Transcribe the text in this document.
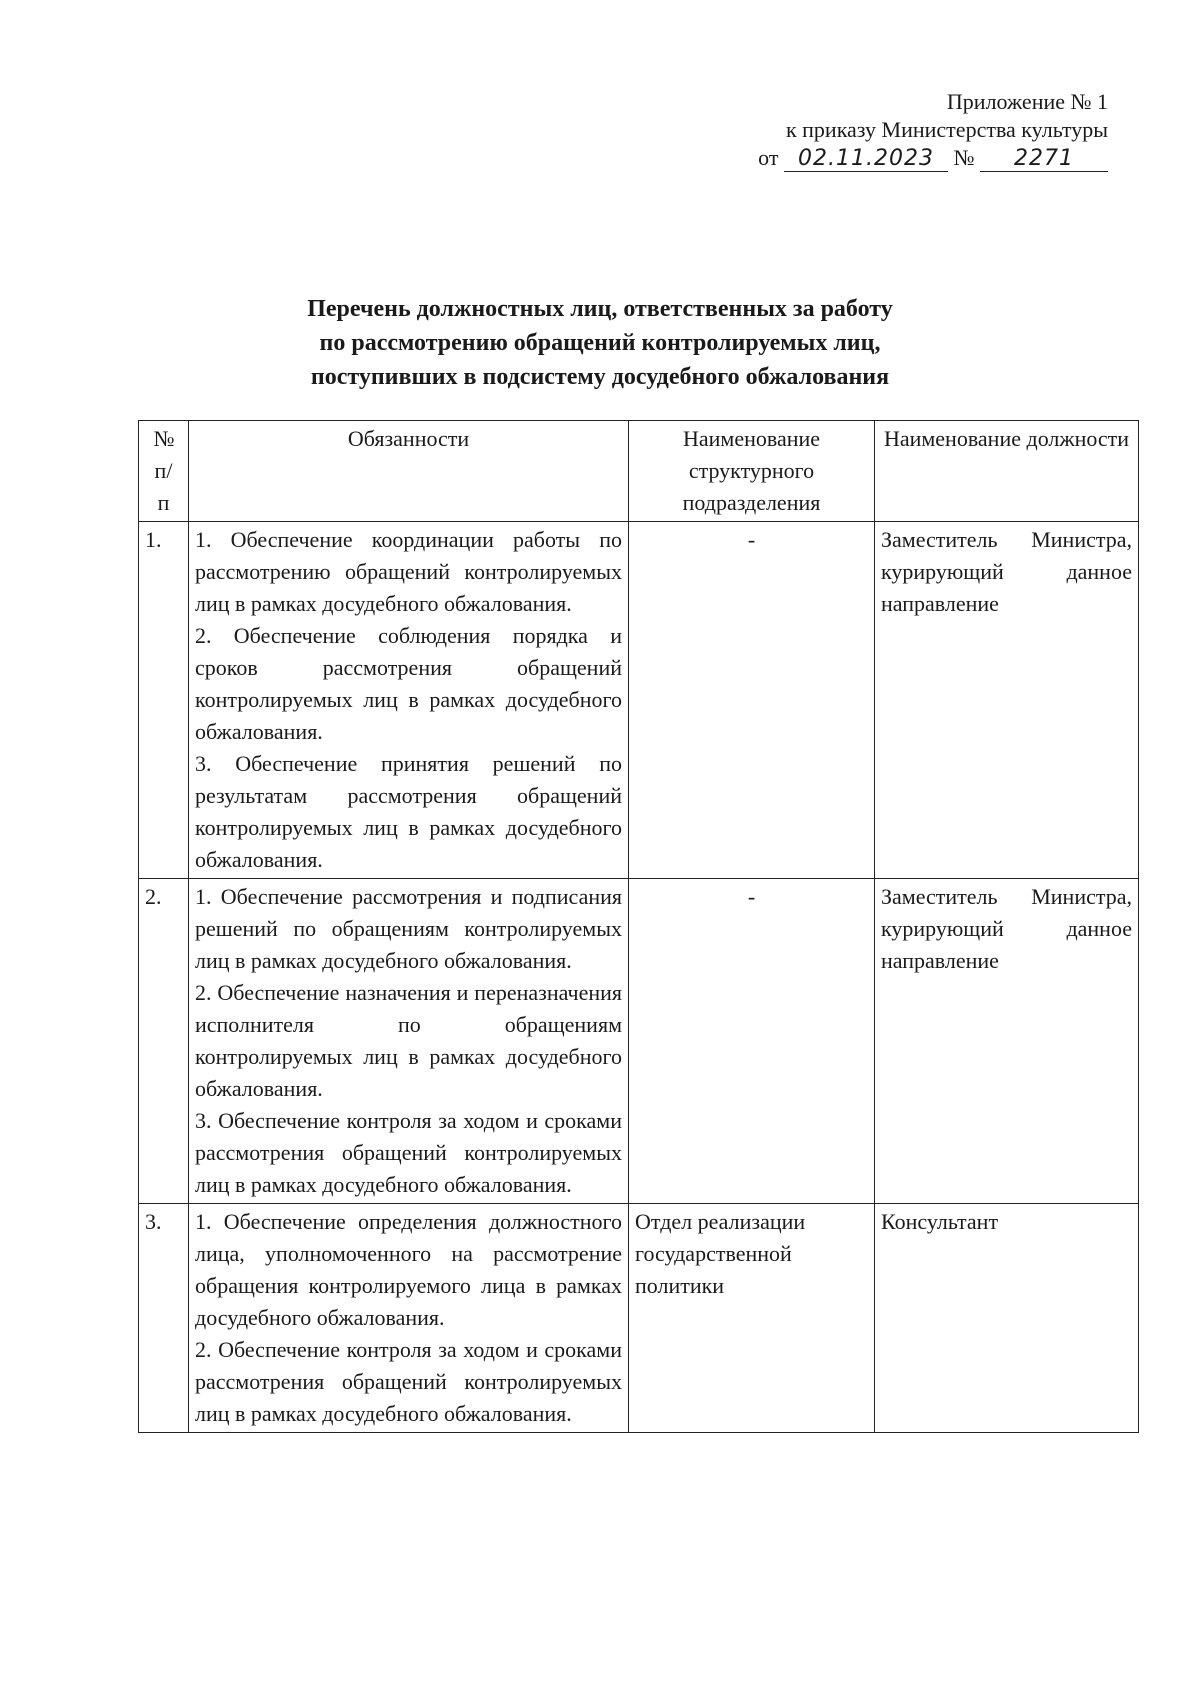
Приложение № 1
к приказу Министерства культуры
от 02.11.2023 № 2271
Перечень должностных лиц, ответственных за работу
по рассмотрению обращений контролируемых лиц,
поступивших в подсистему досудебного обжалования
№ п/п	Обязанности	Наименование структурного подразделения	Наименование должности
1.	1. Обеспечение координации работы по рассмотрению обращений контролируемых лиц в рамках досудебного обжалования.
2. Обеспечение соблюдения порядка и сроков рассмотрения обращений контролируемых лиц в рамках досудебного обжалования.
3. Обеспечение принятия решений по результатам рассмотрения обращений контролируемых лиц в рамках досудебного обжалования.	-	Заместитель Министра, курирующий данное направление
2.	1. Обеспечение рассмотрения и подписания решений по обращениям контролируемых лиц в рамках досудебного обжалования.
2. Обеспечение назначения и переназначения исполнителя по обращениям контролируемых лиц в рамках досудебного обжалования.
3. Обеспечение контроля за ходом и сроками рассмотрения обращений контролируемых лиц в рамках досудебного обжалования.	-	Заместитель Министра, курирующий данное направление
3.	1. Обеспечение определения должностного лица, уполномоченного на рассмотрение обращения контролируемого лица в рамках досудебного обжалования.
2. Обеспечение контроля за ходом и сроками рассмотрения обращений контролируемых лиц в рамках досудебного обжалования.	Отдел реализации государственной политики	Консультант
